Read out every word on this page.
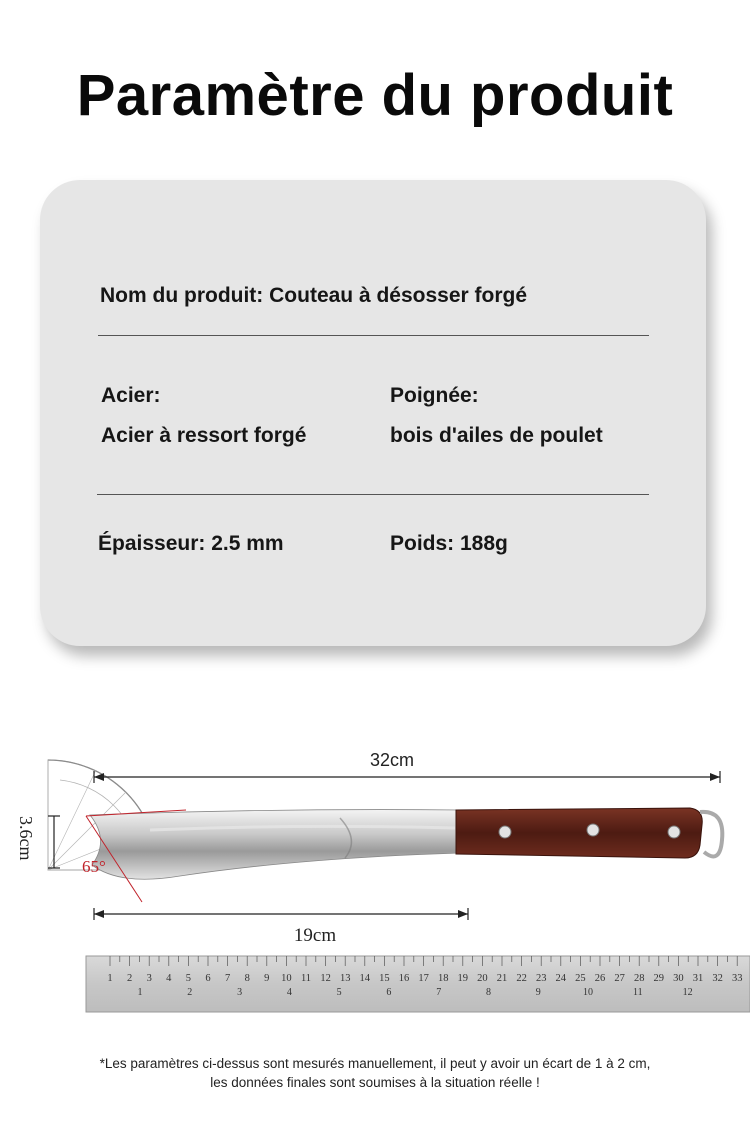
Paramètre du produit
Nom du produit: Couteau à désosser forgé
Acier:
Acier à ressort forgé
Poignée:
bois d'ailes de poulet
Épaisseur: 2.5 mm	Poids: 188g
32cm
3.6cm
65°
19cm
1 2 3 4 5 6 7 8 9 10 11 12 13 14 15 16 17 18 19 20 21 22 23 24 25 26 27 28 29 30 31 32 33
1	2	3	4	5	6	7	8	9	10	11	12
*Les paramètres ci-dessus sont mesurés manuellement, il peut y avoir un écart de 1 à 2 cm,
les données finales sont soumises à la situation réelle !
